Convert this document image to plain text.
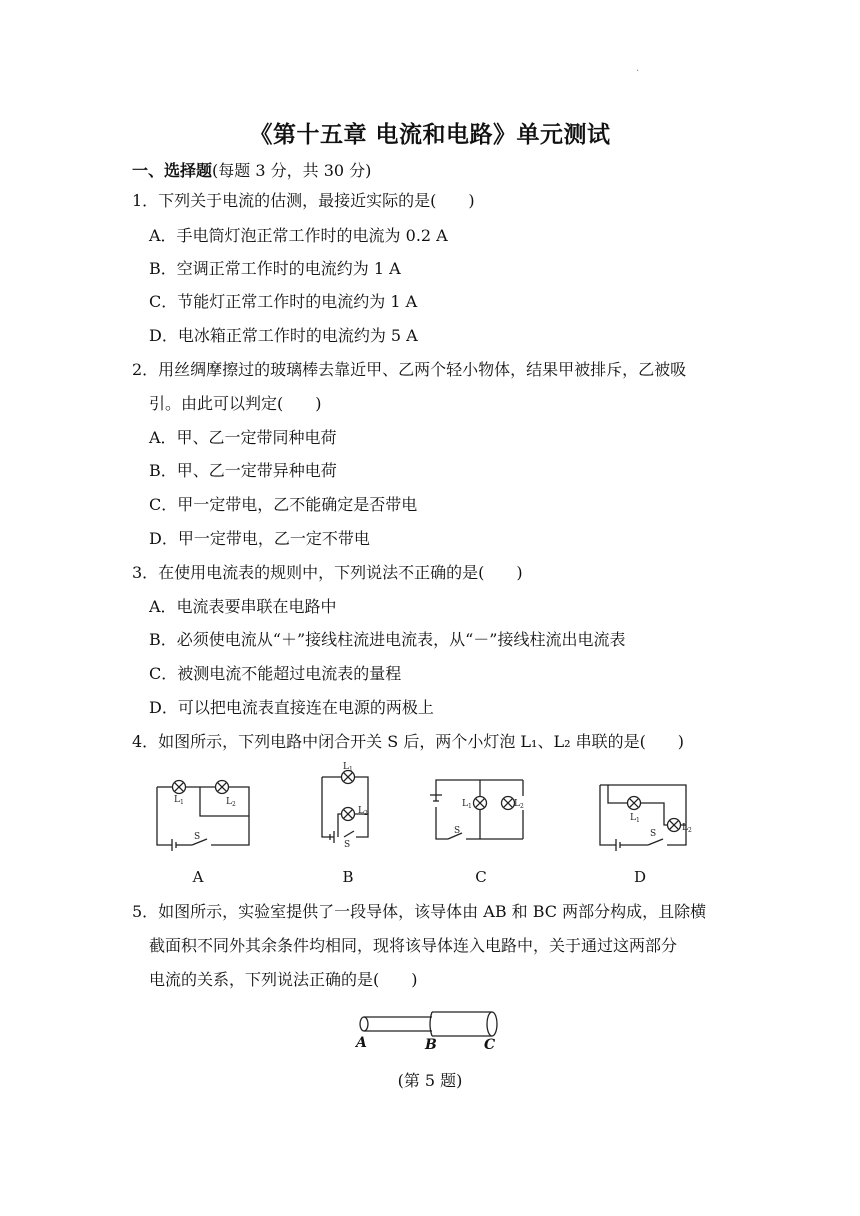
·
《第十五章 电流和电路》单元测试
一、选择题(每题 3 分，共 30 分)
1．下列关于电流的估测，最接近实际的是(　　)
A．手电筒灯泡正常工作时的电流为 0.2 A
B．空调正常工作时的电流约为 1 A
C．节能灯正常工作时的电流约为 1 A
D．电冰箱正常工作时的电流约为 5 A
2．用丝绸摩擦过的玻璃棒去靠近甲、乙两个轻小物体，结果甲被排斥，乙被吸
引。由此可以判定(　　)
A．甲、乙一定带同种电荷
B．甲、乙一定带异种电荷
C．甲一定带电，乙不能确定是否带电
D．甲一定带电，乙一定不带电
3．在使用电流表的规则中，下列说法不正确的是(　　)
A．电流表要串联在电路中
B．必须使电流从“＋”接线柱流进电流表，从“－”接线柱流出电流表
C．被测电流不能超过电流表的量程
D．可以把电流表直接连在电源的两极上
4．如图所示，下列电路中闭合开关 S 后，两个小灯泡 L₁、L₂ 串联的是(　　)
$L_1$	$L_2$
S
$L_1$
$L_2$
S
$L_1$	$L_2$
S
$L_1$
$L_2$
S
A	B	C	D
5．如图所示，实验室提供了一段导体，该导体由 AB 和 BC 两部分构成，且除横
截面积不同外其余条件均相同，现将该导体连入电路中，关于通过这两部分
电流的关系，下列说法正确的是(　　)
A	B	C
(第 5 题)
